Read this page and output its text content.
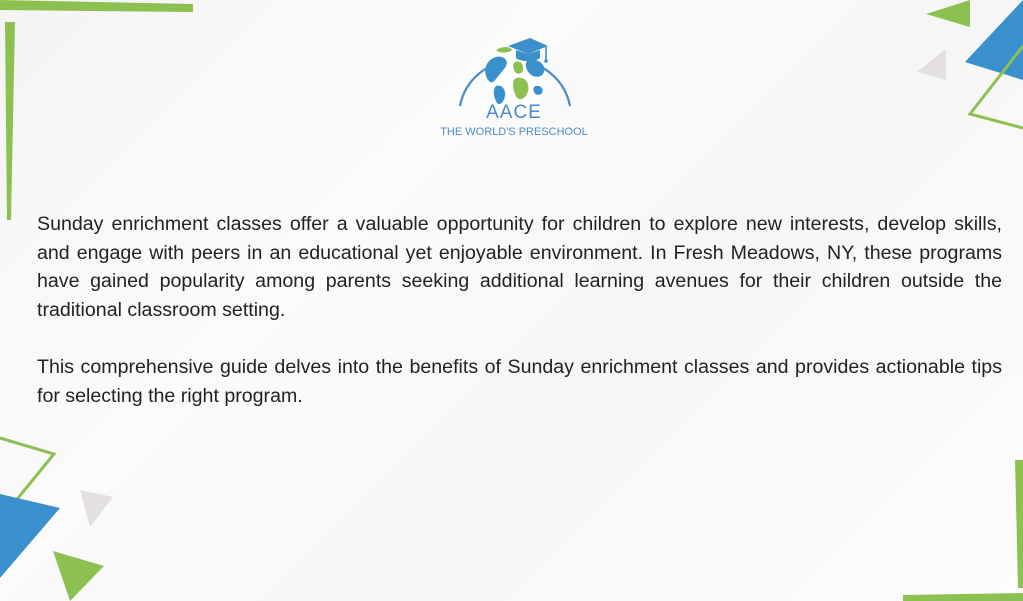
AACE
THE WORLD'S PRESCHOOL

Sunday enrichment classes offer a valuable opportunity for children to explore new interests, develop skills, and engage with peers in an educational yet enjoyable environment. In Fresh Meadows, NY, these programs have gained popularity among parents seeking additional learning avenues for their children outside the traditional classroom setting.

This comprehensive guide delves into the benefits of Sunday enrichment classes and provides actionable tips for selecting the right program.
